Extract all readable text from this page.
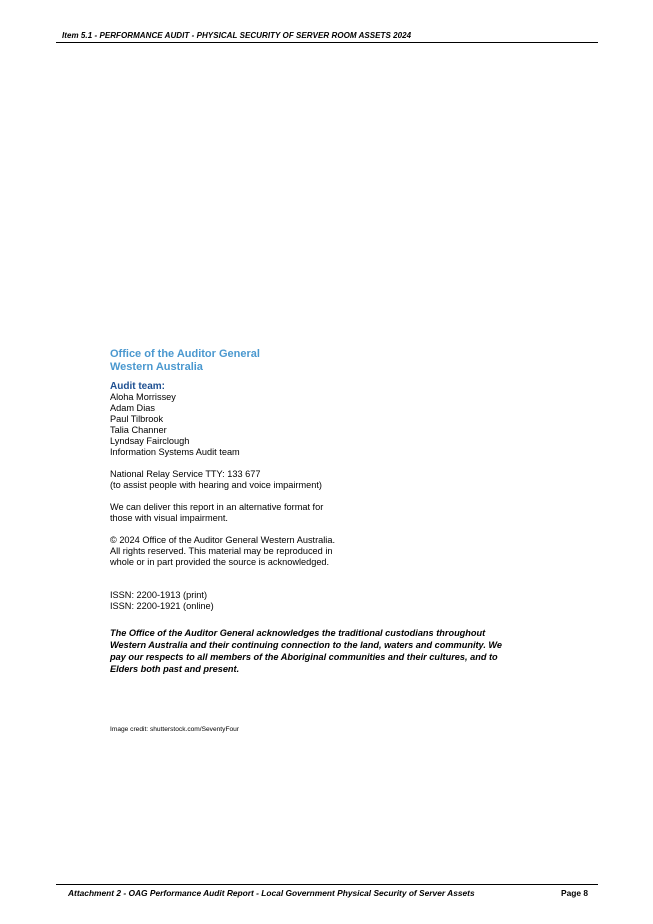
Item 5.1 - PERFORMANCE AUDIT - PHYSICAL SECURITY OF SERVER ROOM ASSETS 2024
Office of the Auditor General
Western Australia
Audit team:
Aloha Morrissey
Adam Dias
Paul Tilbrook
Talia Channer
Lyndsay Fairclough
Information Systems Audit team
National Relay Service TTY: 133 677
(to assist people with hearing and voice impairment)
We can deliver this report in an alternative format for
those with visual impairment.
© 2024 Office of the Auditor General Western Australia.
All rights reserved. This material may be reproduced in
whole or in part provided the source is acknowledged.
ISSN: 2200-1913 (print)
ISSN: 2200-1921 (online)
The Office of the Auditor General acknowledges the traditional custodians throughout
Western Australia and their continuing connection to the land, waters and community. We
pay our respects to all members of the Aboriginal communities and their cultures, and to
Elders both past and present.
Image credit: shutterstock.com/SeventyFour
Attachment 2 - OAG Performance Audit Report - Local Government Physical Security of Server Assets	Page 8
